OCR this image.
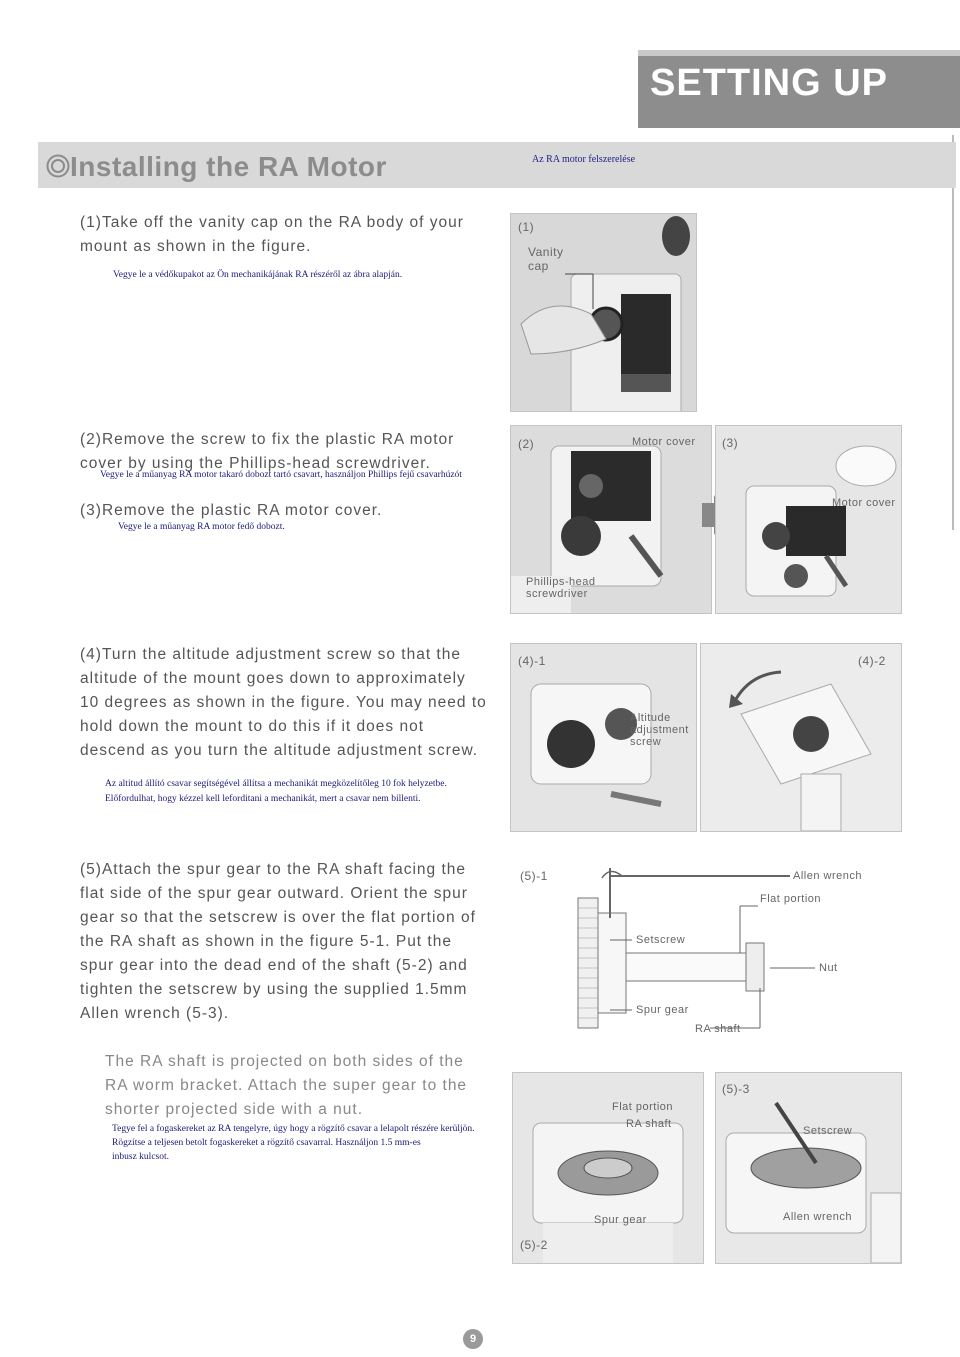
SETTING UP
Installing the RA Motor	Az RA motor felszerelése
(1)Take off the vanity cap on the RA body of your mount as shown in the figure.
Vegye le a védőkupakot az Ön mechanikájának RA részéről az ábra alapján.
(1)
Vanity
cap
(2)Remove the screw to fix the plastic RA motor cover by using the Phillips-head screwdriver.
Vegye le a műanyag RA motor takaró dobozt tartó csavart, használjon Phillips fejű csavarhúzót
(3)Remove the plastic RA motor cover.
Vegye le a műanyag RA motor fedő dobozt.
(2)	Motor cover
Phillips-head
screwdriver
(3)
Motor cover
(4)Turn the altitude adjustment screw so that the altitude of the mount goes down to approximately 10 degrees as shown in the figure. You may need to hold down the mount to do this if it does not descend as you turn the altitude adjustment screw.
Az altitud állító csavar segítségével állítsa a mechanikát megközelítőleg 10 fok helyzetbe.
Előfordulhat, hogy kézzel kell leforditani a mechanikát, mert a csavar nem billenti.
(4)-1
Altitude
adjustment
screw
(4)-2
(5)Attach the spur gear to the RA shaft facing the flat side of the spur gear outward. Orient the spur gear so that the setscrew is over the flat portion of the RA shaft as shown in the figure 5-1. Put the spur gear into the dead end of the shaft (5-2) and tighten the setscrew by using the supplied 1.5mm Allen wrench (5-3).
The RA shaft is projected on both sides of the RA worm bracket. Attach the super gear to the shorter projected side with a nut.
Tegye fel a fogaskereket az RA tengelyre, úgy hogy a rögzítő csavar a lelapolt részére kerüljön.
Rögzítse a teljesen betolt fogaskereket a rögzítő csavarral. Használjon 1.5 mm-es
inbusz kulcsot.
(5)-1	Allen wrench
Flat portion
Setscrew
Nut
Spur gear
RA shaft
(5)-2
Flat portion
RA shaft
Spur gear
(5)-3
Setscrew
Allen wrench
9
